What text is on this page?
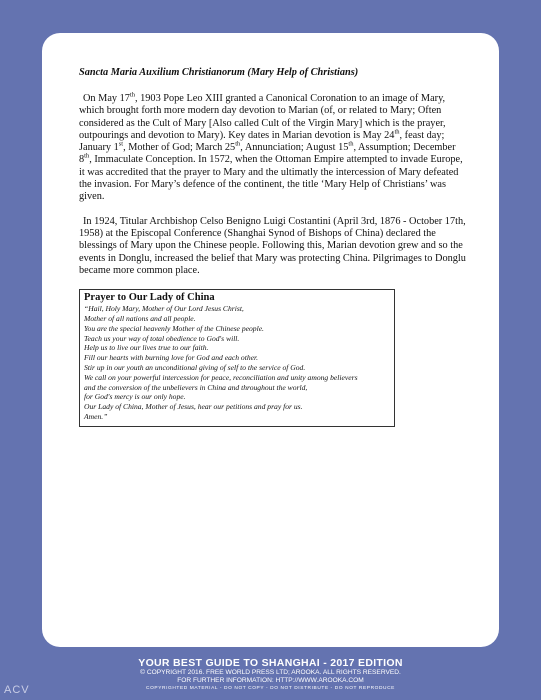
Sancta Maria Auxilium Christianorum (Mary Help of Christians)

On May 17th, 1903 Pope Leo XIII granted a Canonical Coronation to an image of Mary, which brought forth more modern day devotion to Marian (of, or related to Mary; Often considered as the Cult of Mary [Also called Cult of the Virgin Mary] which is the prayer, outpourings and devotion to Mary). Key dates in Marian devotion is May 24th, feast day; January 1st, Mother of God; March 25th, Annunciation; August 15th, Assumption; December 8th, Immaculate Conception. In 1572, when the Ottoman Empire attempted to invade Europe, it was accredited that the prayer to Mary and the ultimatly the intercession of Mary defeated the invasion. For Mary’s defence of the continent, the title ‘Mary Help of Christians’ was given.

In 1924, Titular Archbishop Celso Benigno Luigi Costantini (April 3rd, 1876 - October 17th, 1958) at the Episcopal Conference (Shanghai Synod of Bishops of China) declared the blessings of Mary upon the Chinese people. Following this, Marian devotion grew and so the events in Donglu, increased the belief that Mary was protecting China. Pilgrimages to Donglu became more common place.

Prayer to Our Lady of China
“Hail, Holy Mary, Mother of Our Lord Jesus Christ,
Mother of all nations and all people.
You are the special heavenly Mother of the Chinese people.
Teach us your way of total obedience to God's will.
Help us to live our lives true to our faith.
Fill our hearts with burning love for God and each other.
Stir up in our youth an unconditional giving of self to the service of God.
We call on your powerful intercession for peace, reconciliation and unity among believers
and the conversion of the unbelievers in China and throughout the world,
for God's mercy is our only hope.
Our Lady of China, Mother of Jesus, hear our petitions and pray for us.
Amen.”
YOUR BEST GUIDE TO SHANGHAI - 2017 EDITION
© COPYRIGHT 2016. FREE WORLD PRESS LTD; AROOKA. ALL RIGHTS RESERVED.
FOR FURTHER INFORMATION: HTTP://WWW.AROOKA.COM
COPYRIGHTED MATERIAL - DO NOT COPY - DO NOT DISTRIBUTE - DO NOT REPRODUCE
ACV
